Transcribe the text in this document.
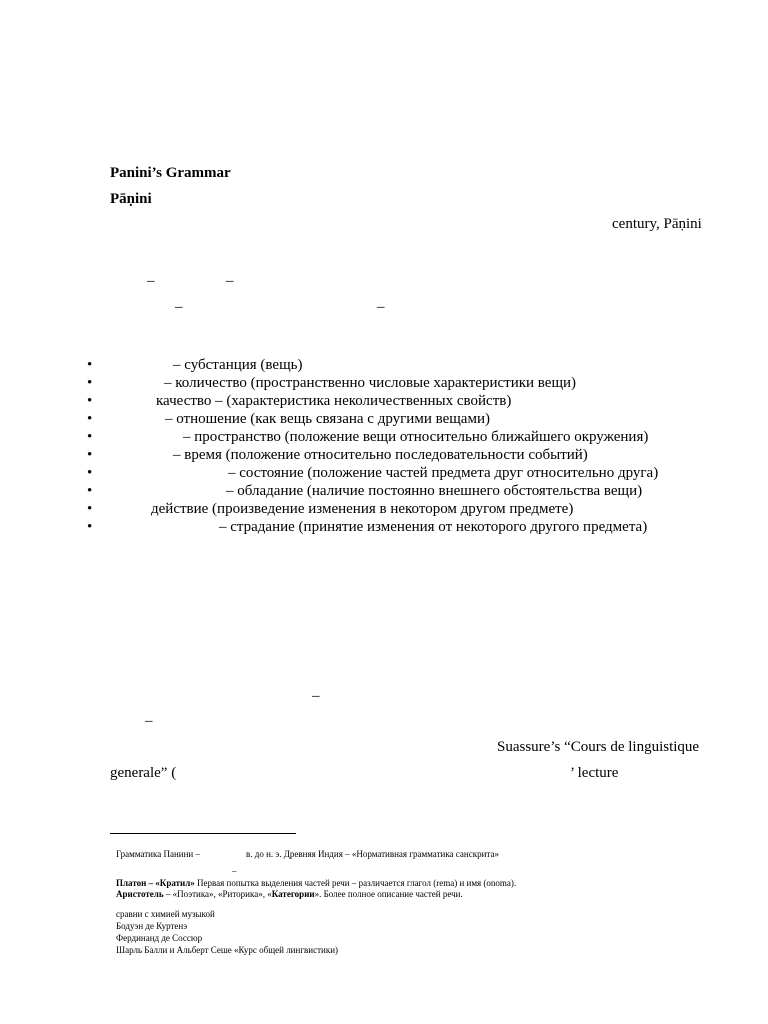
Panini’s Grammar
Pāṇini
century, Pāṇini
–	–
–	–
•	– субстанция (вещь)
•	– количество (пространственно числовые характеристики вещи)
•	качество – (характеристика неколичественных свойств)
•	– отношение (как вещь связана с другими вещами)
•	– пространство (положение вещи относительно ближайшего окружения)
•	– время (положение относительно последовательности событий)
•	– состояние (положение частей предмета друг относительно друга)
•	– обладание (наличие постоянно внешнего обстоятельства вещи)
•	действие (произведение изменения в некотором другом предмете)
•	– страдание (принятие изменения от некоторого другого предмета)
–
–
Suassure’s “Cours de linguistique
generale” (	’ lecture
Грамматика Панини –	в. до н. э. Древняя Индия – «Нормативная грамматика санскрита»
–
Платон – «Кратил» Первая попытка выделения частей речи – различается глагол (rema) и имя (onoma).
Аристотель – «Поэтика», «Риторика», «Категории». Более полное описание частей речи.
сравни с химией музыкой
Бодуэн де Куртенэ
Фердинанд де Соссюр
Шарль Балли и Альберт Сеше «Курс общей лингвистики)
